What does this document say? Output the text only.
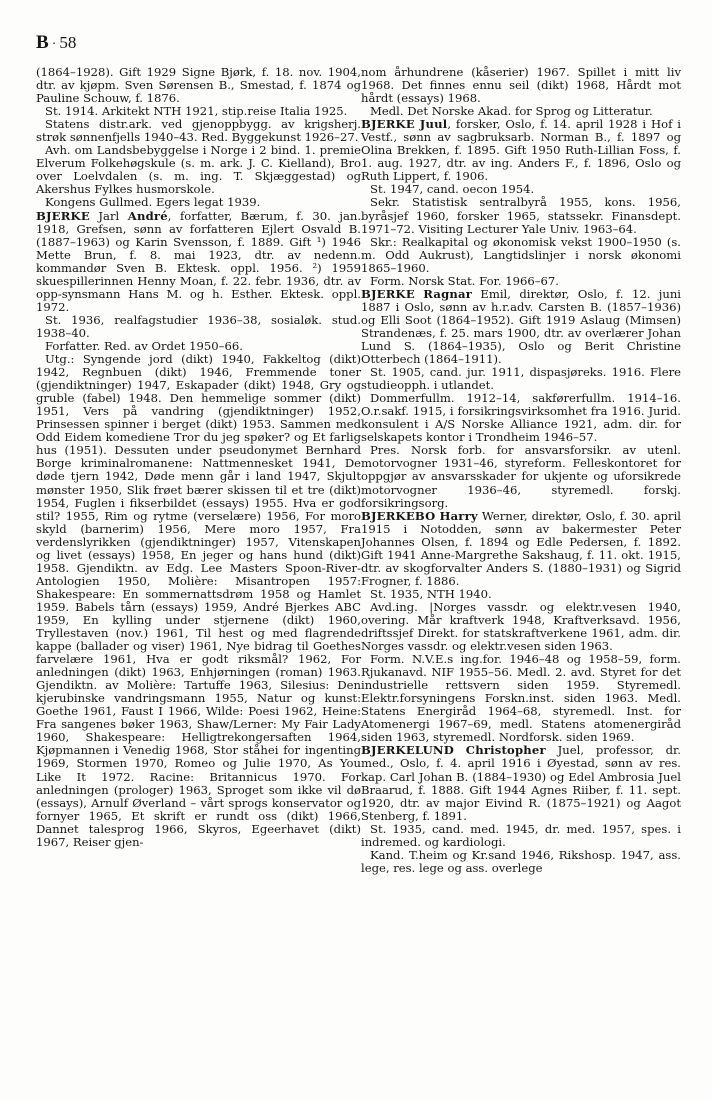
B · 58

(1864–1928). Gift 1929 Signe Bjørk, f. 18. nov. 1904, dtr. av kjøpm. Sven Sørensen B., Smestad, f. 1874 og Pauline Schouw, f. 1876.

St. 1914. Arkitekt NTH 1921, stip.reise Italia 1925.

Statens distr.ark. ved gjenoppbygg. av krigsherj. strøk sønnenfjells 1940–43. Red. Byggekunst 1926–27.

Avh. om Landsbebyggelse i Norge i 2 bind. 1. premie Elverum Folkehøgskule (s. m. ark. J. C. Kielland), Bro over Loelvdalen (s. m. ing. T. Skjæggestad) og Akershus Fylkes husmorskole.

Kongens Gullmed. Egers legat 1939.

BJERKE Jarl André, forfatter, Bærum, f. 30. jan. 1918, Grefsen, sønn av forfatteren Ejlert Osvald B. (1887–1963) og Karin Svensson, f. 1889. Gift ¹) 1946 Mette Brun, f. 8. mai 1923, dtr. av nedenn. kommandør Sven B. Ektesk. oppl. 1956. ²) 1959 skuespillerinnen Henny Moan, f. 22. febr. 1936, dtr. av opp-synsmann Hans M. og h. Esther. Ektesk. oppl. 1972.

St. 1936, realfagstudier 1936–38, sosialøk. stud. 1938–40.

Forfatter. Red. av Ordet 1950–66.

Utg.: Syngende jord (dikt) 1940, Fakkeltog (dikt) 1942, Regnbuen (dikt) 1946, Fremmende toner (gjendiktninger) 1947, Eskapader (dikt) 1948, Gry og gruble (fabel) 1948. Den hemmelige sommer (dikt) 1951, Vers på vandring (gjendiktninger) 1952, Prinsessen spinner i berget (dikt) 1953. Sammen med Odd Eidem komediene Tror du jeg spøker? og Et farlig hus (1951). Dessuten under pseudonymet Bernhard Borge kriminalromanene: Nattmennesket 1941, De døde tjern 1942, Døde menn går i land 1947, Skjult mønster 1950, Slik frøet bærer skissen til et tre (dikt) 1954, Fuglen i fikserbildet (essays) 1955. Hva er god stil? 1955, Rim og rytme (verselære) 1956, For moro skyld (barnerim) 1956, Mere moro 1957, Fra verdenslyrikken (gjendiktninger) 1957, Vitenskapen og livet (essays) 1958, En jeger og hans hund (dikt) 1958. Gjendiktn. av Edg. Lee Masters Spoon-River-Antologien 1950, Molière: Misantropen 1957: Shakespeare: En sommernattsdrøm 1958 og Hamlet 1959. Babels tårn (essays) 1959, André Bjerkes ABC 1959, En kylling under stjernene (dikt) 1960, Tryllestaven (nov.) 1961, Til hest og med flagrende kappe (ballader og viser) 1961, Nye bidrag til Goethes farvelære 1961, Hva er godt riksmål? 1962, For anledningen (dikt) 1963, Enhjørningen (roman) 1963. Gjendiktn. av Molière: Tartuffe 1963, Silesius: Den kjerubinske vandringsmann 1955, Natur og kunst: Goethe 1961, Faust I 1966, Wilde: Poesi 1962, Heine: Fra sangenes bøker 1963, Shaw/Lerner: My Fair Lady 1960, Shakespeare: Helligtrekongersaften 1964, Kjøpmannen i Venedig 1968, Stor ståhei for ingenting 1969, Stormen 1970, Romeo og Julie 1970, As You Like It 1972. Racine: Britannicus 1970. For anledningen (prologer) 1963, Sproget som ikke vil dø (essays), Arnulf Øverland – vårt sprogs konservator og fornyer 1965, Et skrift er rundt oss (dikt) 1966, Dannet talesprog 1966, Skyros, Egeerhavet (dikt) 1967, Reiser gjen-

nom århundrene (kåserier) 1967. Spillet i mitt liv 1968. Det finnes ennu seil (dikt) 1968, Hårdt mot hårdt (essays) 1968.

Medl. Det Norske Akad. for Sprog og Litteratur.

BJERKE Juul, forsker, Oslo, f. 14. april 1928 i Hof i Vestf., sønn av sagbruksarb. Norman B., f. 1897 og Olina Brekken, f. 1895. Gift 1950 Ruth-Lillian Foss, f. 1. aug. 1927, dtr. av ing. Anders F., f. 1896, Oslo og Ruth Lippert, f. 1906.

St. 1947, cand. oecon 1954.

Sekr. Statistisk sentralbyrå 1955, kons. 1956, byråsjef 1960, forsker 1965, statssekr. Finansdept. 1971–72. Visiting Lecturer Yale Univ. 1963–64.

Skr.: Realkapital og økonomisk vekst 1900–1950 (s. m. Odd Aukrust), Langtidslinjer i norsk økonomi 1865–1960.

Form. Norsk Stat. For. 1966–67.

BJERKE Ragnar Emil, direktør, Oslo, f. 12. juni 1887 i Oslo, sønn av h.r.adv. Carsten B. (1857–1936) og Elli Soot (1864–1952). Gift 1919 Aslaug (Mimsen) Strandenæs, f. 25. mars 1900, dtr. av overlærer Johan Lund S. (1864–1935), Oslo og Berit Christine Otterbech (1864–1911).

St. 1905, cand. jur. 1911, dispasjøreks. 1916. Flere studieopph. i utlandet.

Dommerfullm. 1912–14, sakførerfullm. 1914–16. O.r.sakf. 1915, i forsikringsvirksomhet fra 1916. Jurid. konsulent i A/S Norske Alliance 1921, adm. dir. for selskapets kontor i Trondheim 1946–57.

Pres. Norsk forb. for ansvarsforsikr. av utenl. motorvogner 1931–46, styreform. Felleskontoret for oppgjør av ansvarsskader for ukjente og uforsikrede motorvogner 1936–46, styremedl. forskj. forsikringsorg.

BJERKEBO Harry Werner, direktør, Oslo, f. 30. april 1915 i Notodden, sønn av bakermester Peter Johannes Olsen, f. 1894 og Edle Pedersen, f. 1892. Gift 1941 Anne-Margrethe Sakshaug, f. 11. okt. 1915, dtr. av skogforvalter Anders S. (1880–1931) og Sigrid Frogner, f. 1886.

St. 1935, NTH 1940.

Avd.ing. |Norges vassdr. og elektr.vesen 1940, overing. Mår kraftverk 1948, Kraftverksavd. 1956, driftssjef Direkt. for statskraftverkene 1961, adm. dir. Norges vassdr. og elektr.vesen siden 1963.

Form. N.V.E.s ing.for. 1946–48 og 1958–59, form. Rjukanavd. NIF 1955–56. Medl. 2. avd. Styret for det industrielle rettsvern siden 1959. Styremedl. Elektr.forsyningens Forskn.inst. siden 1963. Medl. Statens Energiråd 1964–68, styremedl. Inst. for Atomenergi 1967–69, medl. Statens atomenergiråd siden 1963, styremedl. Nordforsk. siden 1969.

BJERKELUND Christopher Juel, professor, dr. med., Oslo, f. 4. april 1916 i Øyestad, sønn av res. kap. Carl Johan B. (1884–1930) og Edel Ambrosia Juel Braarud, f. 1888. Gift 1944 Agnes Riiber, f. 11. sept. 1920, dtr. av major Eivind R. (1875–1921) og Aagot Stenberg, f. 1891.

St. 1935, cand. med. 1945, dr. med. 1957, spes. i indremed. og kardiologi.

Kand. T.heim og Kr.sand 1946, Rikshosp. 1947, ass. lege, res. lege og ass. overlege
